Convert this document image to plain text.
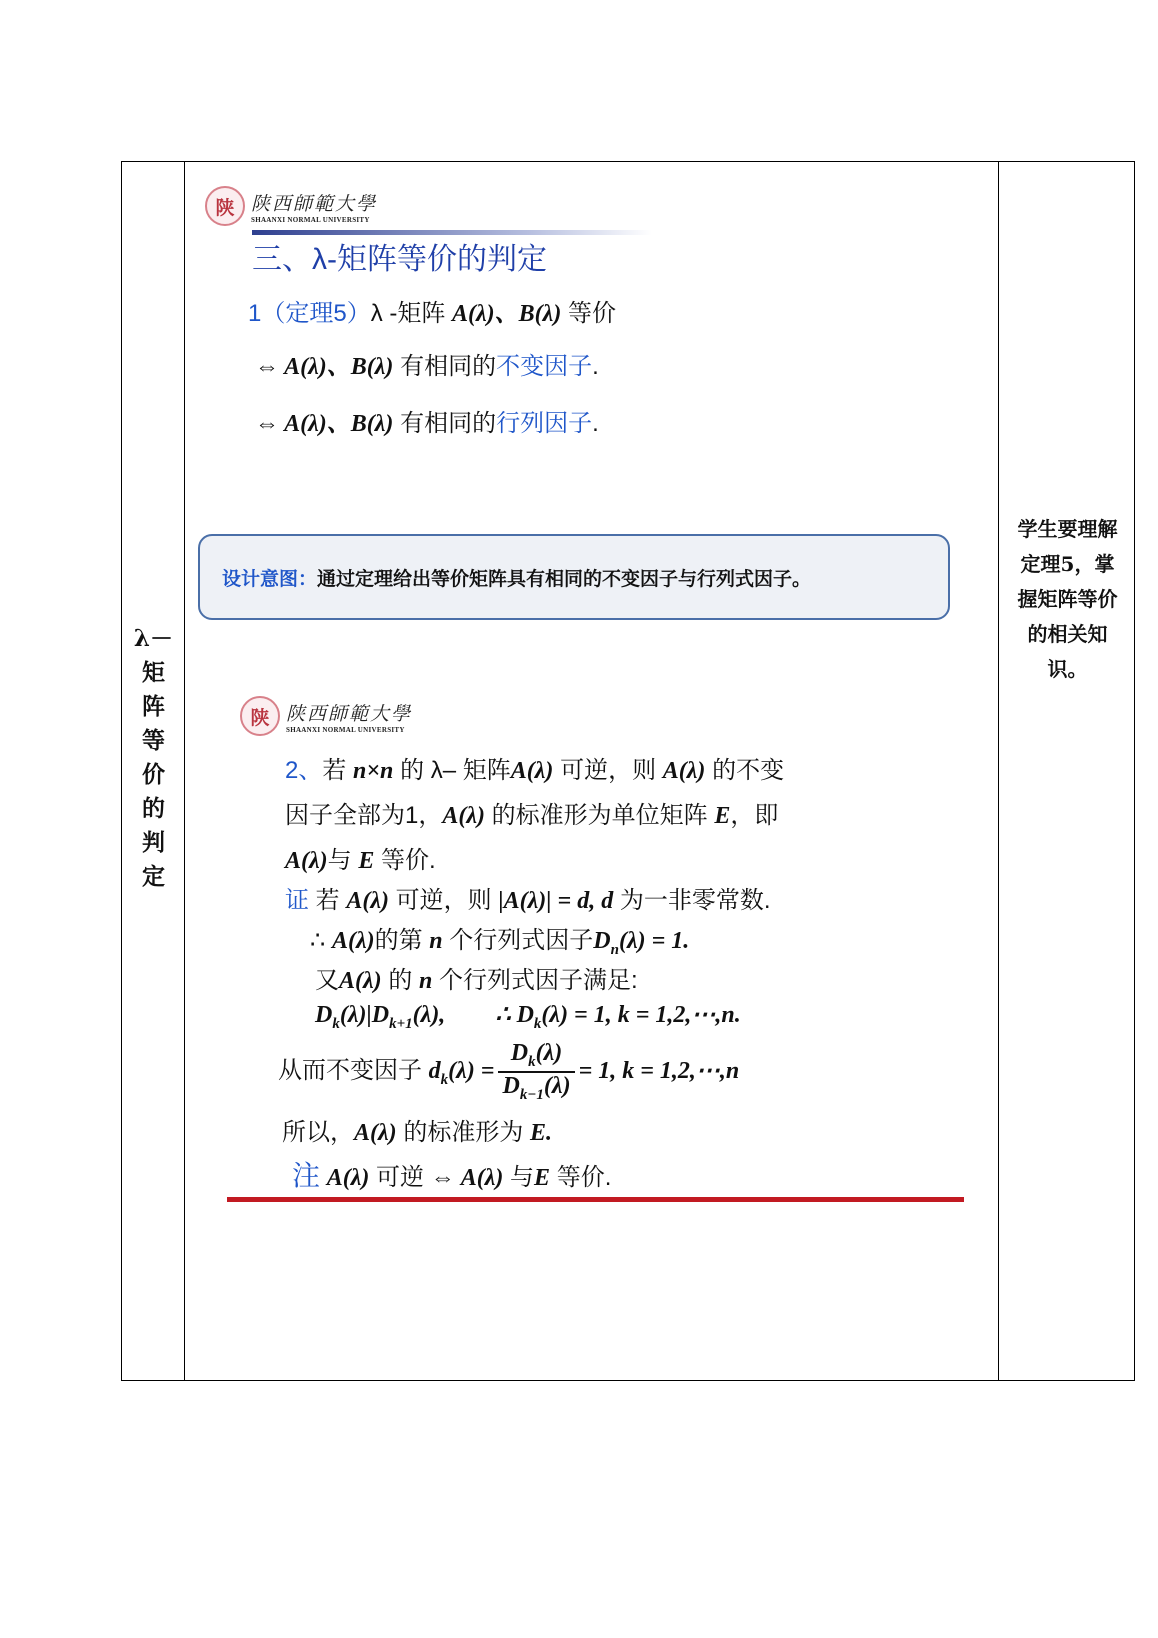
λ－矩阵等价的判定
学生要理解定理5，掌握矩阵等价的相关知识。
陕 陕西師範大學
SHAANXI NORMAL UNIVERSITY
三、λ-矩阵等价的判定
1（定理5）λ -矩阵 A(λ)、B(λ) 等价
⇔ A(λ)、B(λ) 有相同的不变因子.
⇔ A(λ)、B(λ) 有相同的行列因子.
设计意图： 通过定理给出等价矩阵具有相同的不变因子与行列式因子。
陕 陕西師範大學
SHAANXI NORMAL UNIVERSITY
2、若 n×n 的 λ– 矩阵A(λ) 可逆，则 A(λ) 的不变
因子全部为1，A(λ) 的标准形为单位矩阵 E，即
A(λ)与 E 等价.
证 若 A(λ) 可逆，则 |A(λ)| = d, d 为一非零常数.
∴ A(λ)的第 n 个行列式因子$D_n(\lambda) = 1$.
又A(λ) 的 n 个行列式因子满足:
$D_k(\lambda)|D_{k+1}(\lambda)$, ∴ $D_k(\lambda) = 1$, k = 1,2,⋯,n.
从而不变因子 $d_k(\lambda) = \frac{D_k(\lambda)}{D_{k-1}(\lambda)} = 1$, k = 1,2,⋯,n
所以，A(λ) 的标准形为 E.
注 A(λ) 可逆 ⇔ A(λ) 与E 等价.
